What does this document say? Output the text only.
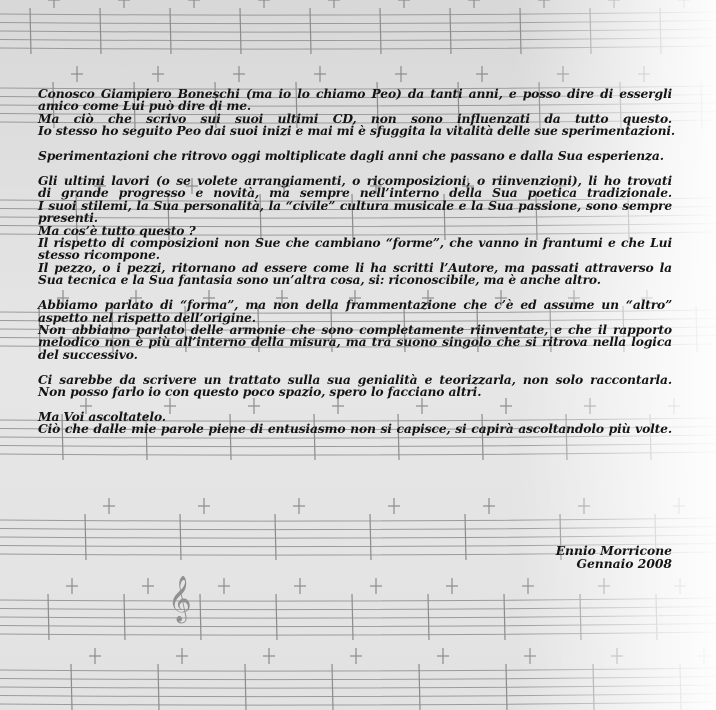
Conosco Giampiero Boneschi (ma io lo chiamo Peo) da tanti anni, e posso dire di essergli
amico come Lui può dire di me.
Ma ciò che scrivo sui suoi ultimi CD, non sono influenzati da tutto questo.
Io stesso ho seguito Peo dai suoi inizi e mai mi è sfuggita la vitalità delle sue sperimentazioni.
Sperimentazioni che ritrovo oggi moltiplicate dagli anni che passano e dalla Sua esperienza.
Gli ultimi lavori (o se volete arrangiamenti, o ricomposizioni, o riinvenzioni), li ho trovati
di grande progresso e novità, ma sempre nell’interno della Sua poetica tradizionale.
I suoi stilemi, la Sua personalità, la “civile” cultura musicale e la Sua passione, sono sempre
presenti.
Ma cos’è tutto questo ?
Il rispetto di composizioni non Sue che cambiano “forme”, che vanno in frantumi e che Lui
stesso ricompone.
Il pezzo, o i pezzi, ritornano ad essere come li ha scritti l’Autore, ma passati attraverso la
Sua tecnica e la Sua fantasia sono un’altra cosa, si: riconoscibile, ma è anche altro.
Abbiamo parlato di “forma”, ma non della frammentazione che c’è ed assume un “altro”
aspetto nel rispetto dell’origine.
Non abbiamo parlato delle armonie che sono completamente riinventate, e che il rapporto
melodico non è più all’interno della misura, ma tra suono singolo che si ritrova nella logica
del successivo.
Ci sarebbe da scrivere un trattato sulla sua genialità e teorizzarla, non solo raccontarla.
Non posso farlo io con questo poco spazio, spero lo facciano altri.
Ma Voi ascoltatelo.
Ciò che dalle mie parole piene di entusiasmo non si capisce, si capirà ascoltandolo più volte.
Ennio Morricone
Gennaio 2008
